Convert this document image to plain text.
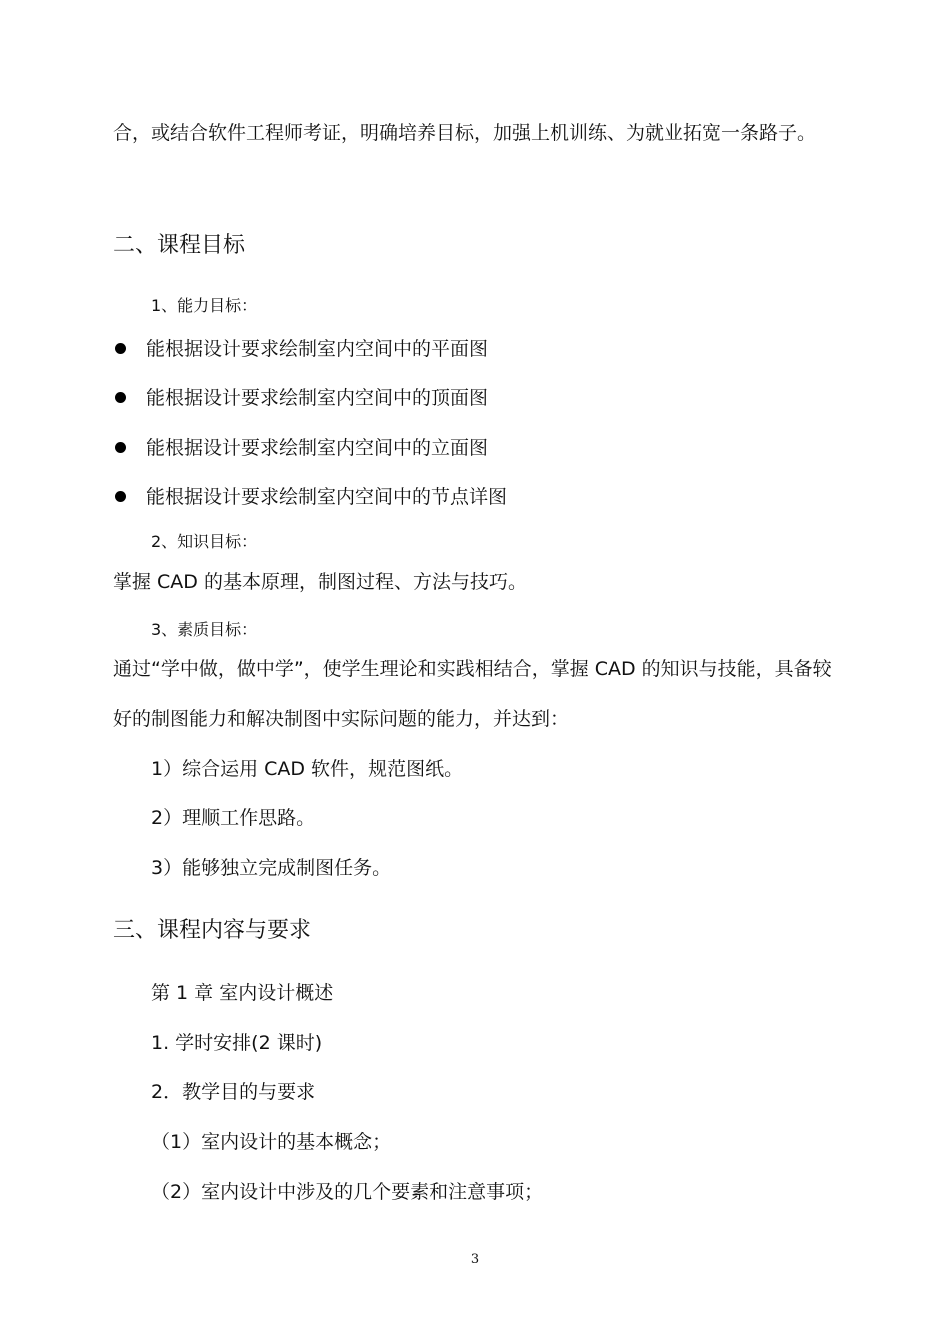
合，或结合软件工程师考证，明确培养目标，加强上机训练、为就业拓宽一条路子。
二、课程目标
1、能力目标：
能根据设计要求绘制室内空间中的平面图
能根据设计要求绘制室内空间中的顶面图
能根据设计要求绘制室内空间中的立面图
能根据设计要求绘制室内空间中的节点详图
2、知识目标：
掌握 CAD 的基本原理，制图过程、方法与技巧。
3、素质目标：
通过“学中做，做中学”，使学生理论和实践相结合，掌握 CAD 的知识与技能，具备较
好的制图能力和解决制图中实际问题的能力，并达到：
1）综合运用 CAD 软件，规范图纸。
2）理顺工作思路。
3）能够独立完成制图任务。
三、课程内容与要求
第 1 章 室内设计概述
1. 学时安排(2 课时)
2．教学目的与要求
（1）室内设计的基本概念；
（2）室内设计中涉及的几个要素和注意事项；
3
